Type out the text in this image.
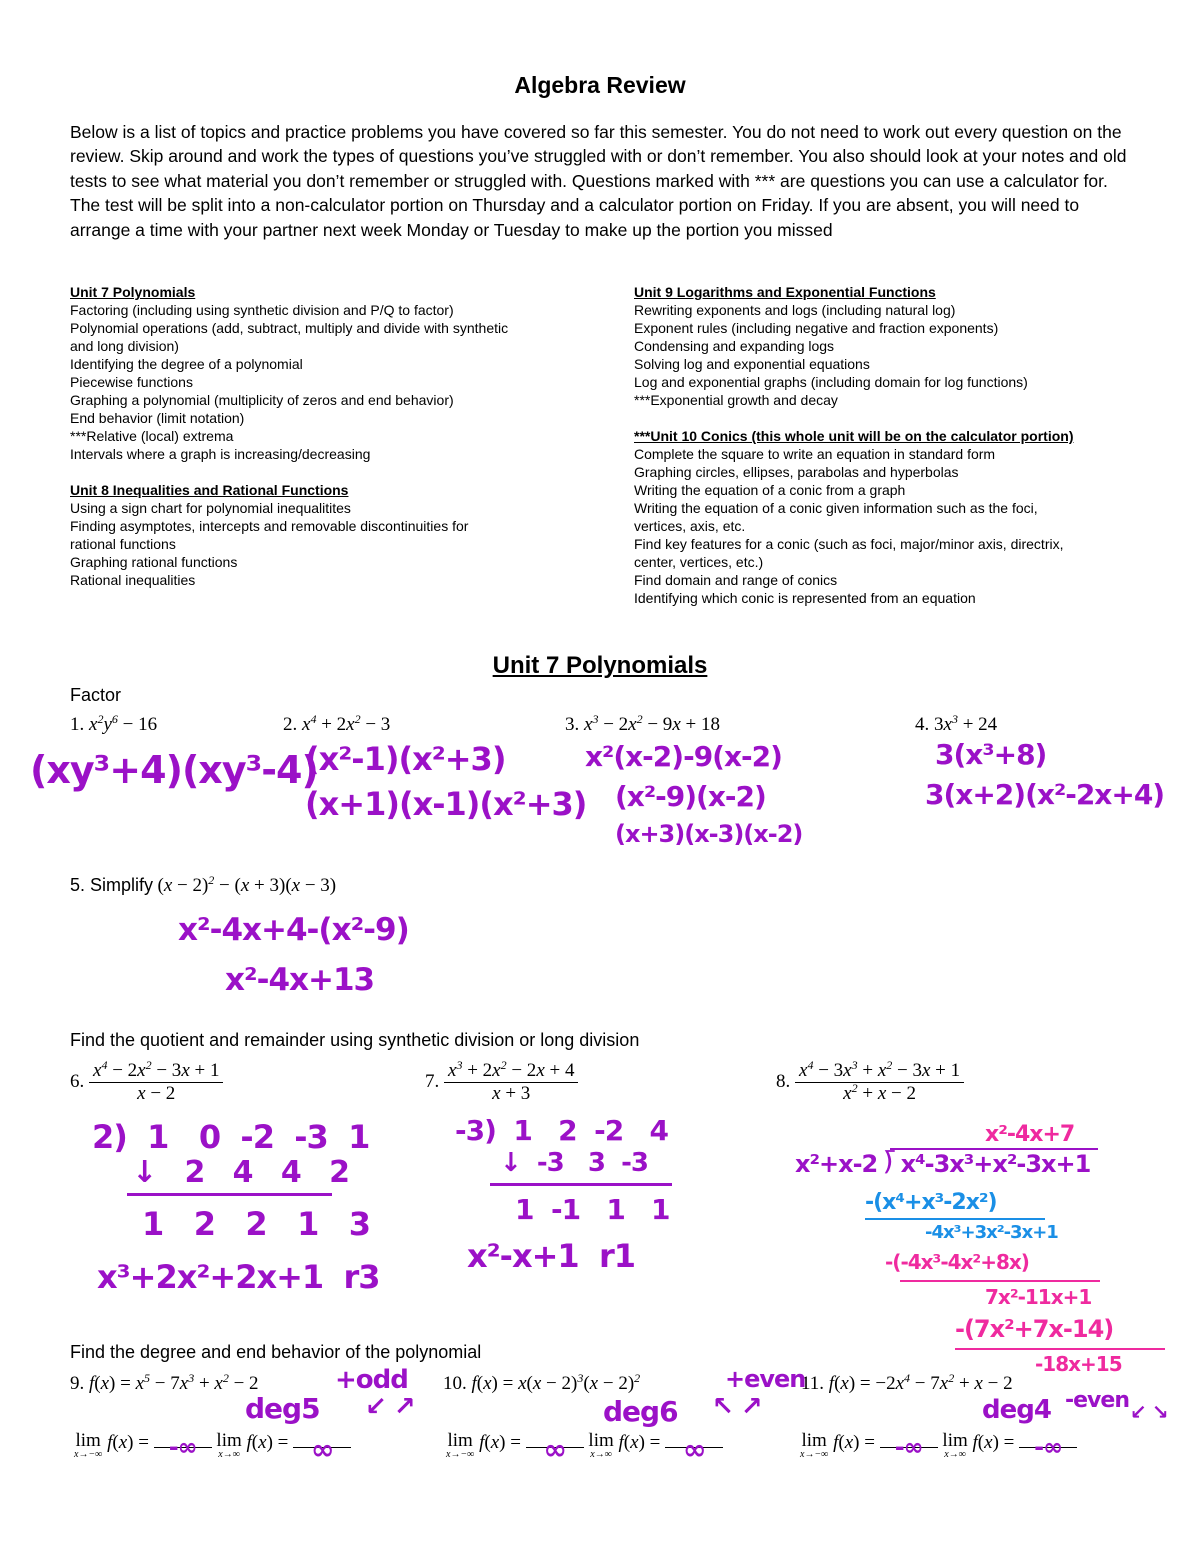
Algebra Review
Below is a list of topics and practice problems you have covered so far this semester. You do not need to work out every question on the review. Skip around and work the types of questions you’ve struggled with or don’t remember. You also should look at your notes and old tests to see what material you don’t remember or struggled with. Questions marked with *** are questions you can use a calculator for. The test will be split into a non-calculator portion on Thursday and a calculator portion on Friday. If you are absent, you will need to arrange a time with your partner next week Monday or Tuesday to make up the portion you missed
Unit 7 Polynomials
Factoring (including using synthetic division and P/Q to factor)
Polynomial operations (add, subtract, multiply and divide with synthetic
and long division)
Identifying the degree of a polynomial
Piecewise functions
Graphing a polynomial (multiplicity of zeros and end behavior)
End behavior (limit notation)
***Relative (local) extrema
Intervals where a graph is increasing/decreasing
Unit 8 Inequalities and Rational Functions
Using a sign chart for polynomial inequalitites
Finding asymptotes, intercepts and removable discontinuities for
rational functions
Graphing rational functions
Rational inequalities
Unit 9 Logarithms and Exponential Functions
Rewriting exponents and logs (including natural log)
Exponent rules (including negative and fraction exponents)
Condensing and expanding logs
Solving log and exponential equations
Log and exponential graphs (including domain for log functions)
***Exponential growth and decay
***Unit 10 Conics (this whole unit will be on the calculator portion)
Complete the square to write an equation in standard form
Graphing circles, ellipses, parabolas and hyperbolas
Writing the equation of a conic from a graph
Writing the equation of a conic given information such as the foci,
vertices, axis, etc.
Find key features for a conic (such as foci, major/minor axis, directrix,
center, vertices, etc.)
Find domain and range of conics
Identifying which conic is represented from an equation
Unit 7 Polynomials
Factor
1. $x^2y^6 - 16$	2. $x^4 + 2x^2 - 3$	3. $x^3 - 2x^2 - 9x + 18$	4. $3x^3 + 24$
(xy³+4)(xy³-4)
(x²-1)(x²+3)
(x+1)(x-1)(x²+3)
x²(x-2)-9(x-2)
(x²-9)(x-2)
(x+3)(x-3)(x-2)
3(x³+8)
3(x+2)(x²-2x+4)
5. Simplify $(x - 2)^2 - (x + 3)(x - 3)$
x²-4x+4-(x²-9)
x²-4x+13
Find the quotient and remainder using synthetic division or long division
6. $\frac{x^4 - 2x^2 - 3x + 1}{x - 2}$	7. $\frac{x^3 + 2x^2 - 2x + 4}{x + 3}$	8. $\frac{x^4 - 3x^3 + x^2 - 3x + 1}{x^2 + x - 2}$
2)  1   0  -2  -3  1
↓   2   4   4   2
1   2   2   1   3
x³+2x²+2x+1  r3
-3)  1   2  -2   4
↓  -3   3  -3
1  -1   1   1
x²-x+1  r1
x²-4x+7
x²+x-2 ⟌ x⁴-3x³+x²-3x+1
-(x⁴+x³-2x²)
-4x³+3x²-3x+1
-(-4x³-4x²+8x)
7x²-11x+1
-(7x²+7x-14)
-18x+15
Find the degree and end behavior of the polynomial
9. $f(x) = x^5 - 7x^3 + x^2 - 2$	10. $f(x) = x(x - 2)^3(x - 2)^2$	11. $f(x) = -2x^4 - 7x^2 + x - 2$
+odd
deg5 ↙ ↗
+even
deg6 ↖ ↗	-even
deg4	↙ ↘
lim
x→−∞
f(x) = -∞	lim
x→∞
f(x) = ∞	lim
x→−∞
f(x) = ∞	lim
x→∞
f(x) = ∞	lim
x→−∞
f(x) = -∞	lim
x→∞
f(x) = -∞
